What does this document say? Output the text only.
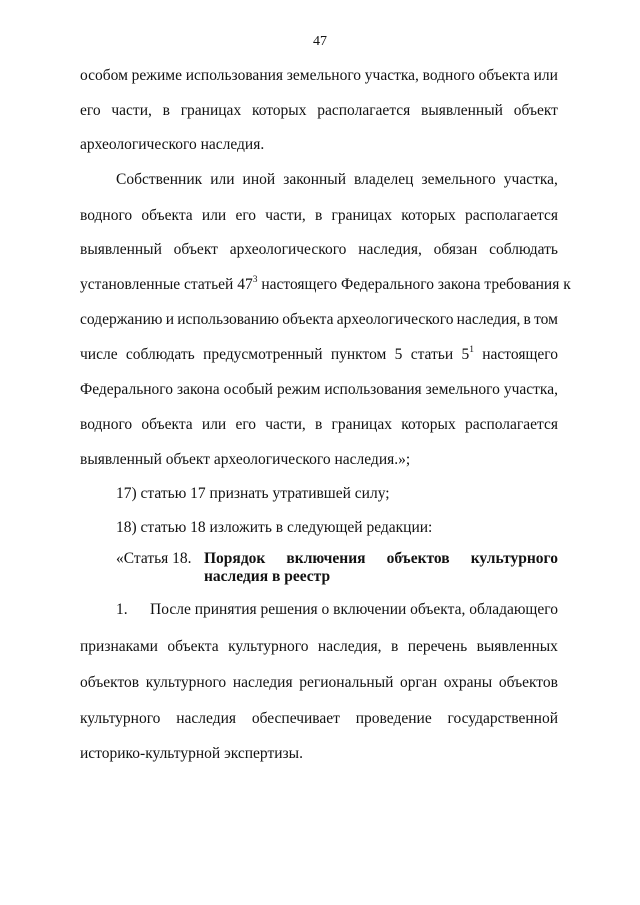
47
особом режиме использования земельного участка, водного объекта или
его части, в границах которых располагается выявленный объект
археологического наследия.
Собственник или иной законный владелец земельного участка,
водного объекта или его части, в границах которых располагается
выявленный объект археологического наследия, обязан соблюдать
установленные статьей $47^3$ настоящего Федерального закона требования к
содержанию и использованию объекта археологического наследия, в том
числе соблюдать предусмотренный пунктом 5 статьи $5^1$ настоящего
Федерального закона особый режим использования земельного участка,
водного объекта или его части, в границах которых располагается
выявленный объект археологического наследия.»;
17) статью 17 признать утратившей силу;
18) статью 18 изложить в следующей редакции:
«Статья 18. Порядок включения объектов культурного
наследия в реестр
1. После принятия решения о включении объекта, обладающего
признаками объекта культурного наследия, в перечень выявленных
объектов культурного наследия региональный орган охраны объектов
культурного наследия обеспечивает проведение государственной
историко-культурной экспертизы.
